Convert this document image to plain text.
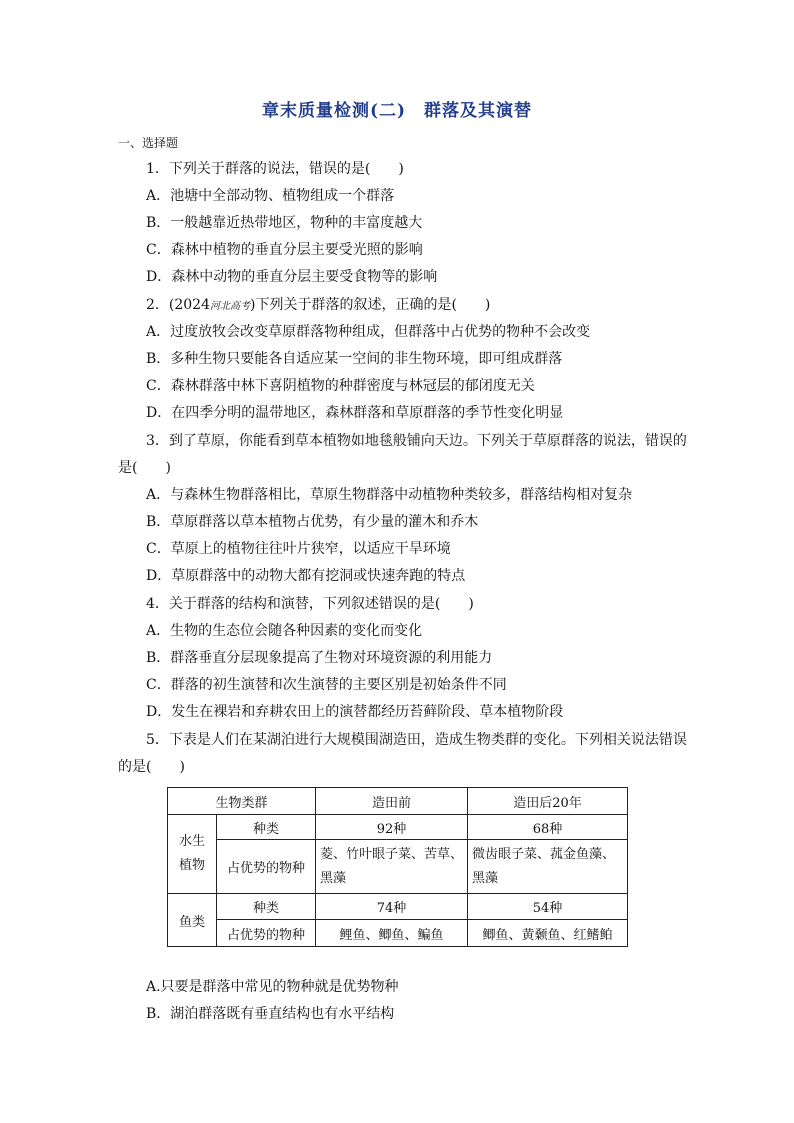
章末质量检测(二)　群落及其演替
一、选择题
1．下列关于群落的说法，错误的是(　　)
A．池塘中全部动物、植物组成一个群落
B．一般越靠近热带地区，物种的丰富度越大
C．森林中植物的垂直分层主要受光照的影响
D．森林中动物的垂直分层主要受食物等的影响
2．(2024河北高考)下列关于群落的叙述，正确的是(　　)
A．过度放牧会改变草原群落物种组成，但群落中占优势的物种不会改变
B．多种生物只要能各自适应某一空间的非生物环境，即可组成群落
C．森林群落中林下喜阴植物的种群密度与林冠层的郁闭度无关
D．在四季分明的温带地区，森林群落和草原群落的季节性变化明显
3．到了草原，你能看到草本植物如地毯般铺向天边。下列关于草原群落的说法，错误的
是(　　)
A．与森林生物群落相比，草原生物群落中动植物种类较多，群落结构相对复杂
B．草原群落以草本植物占优势，有少量的灌木和乔木
C．草原上的植物往往叶片狭窄，以适应干旱环境
D．草原群落中的动物大都有挖洞或快速奔跑的特点
4．关于群落的结构和演替，下列叙述错误的是(　　)
A．生物的生态位会随各种因素的变化而变化
B．群落垂直分层现象提高了生物对环境资源的利用能力
C．群落的初生演替和次生演替的主要区别是初始条件不同
D．发生在裸岩和弃耕农田上的演替都经历苔藓阶段、草本植物阶段
5．下表是人们在某湖泊进行大规模围湖造田，造成生物类群的变化。下列相关说法错误
的是(　　)
生物类群		造田前	造田后20年
水生植物	种类	92种	68种
	占优势的物种	菱、竹叶眼子菜、苦草、黑藻	微齿眼子菜、菰金鱼藻、黑藻
鱼类	种类	74种	54种
	占优势的物种	鲤鱼、鲫鱼、鳊鱼	鲫鱼、黄颡鱼、红鳍鲌
A.只要是群落中常见的物种就是优势物种
B．湖泊群落既有垂直结构也有水平结构
